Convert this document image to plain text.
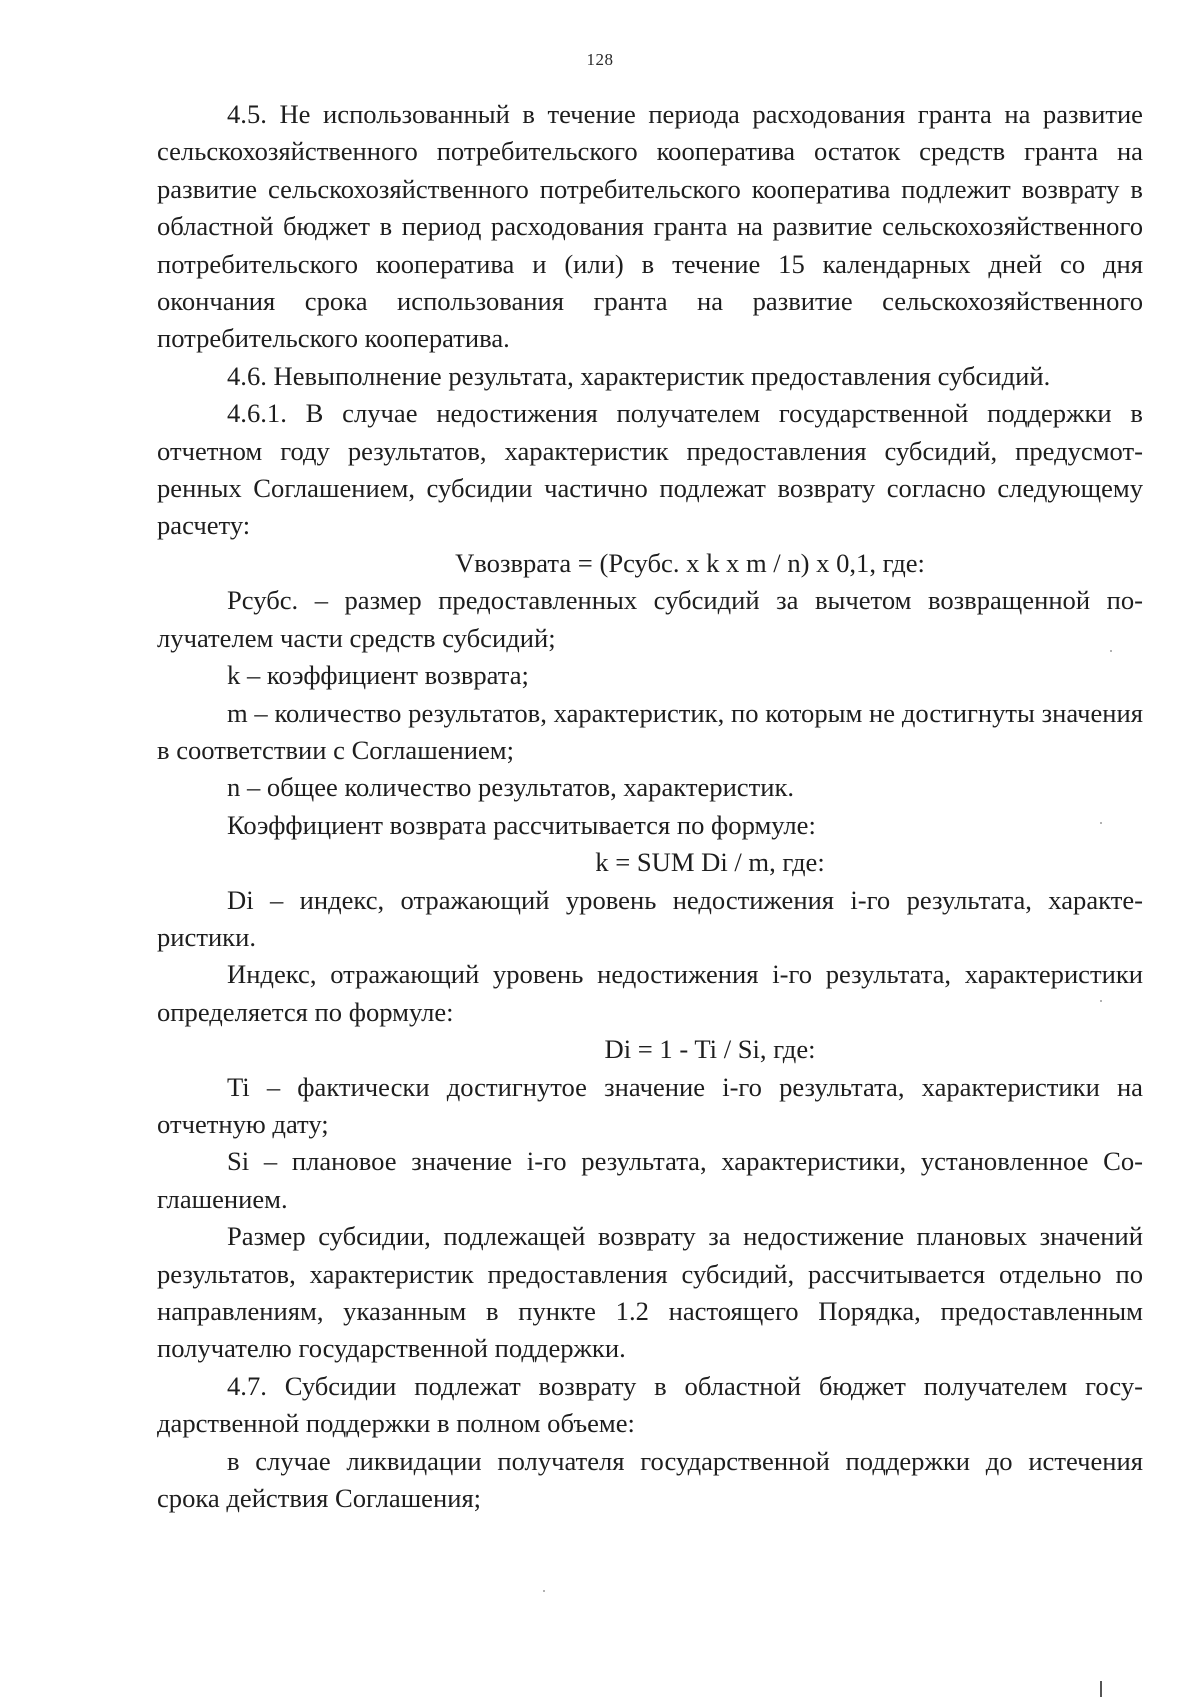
128

4.5. Не использованный в течение периода расходования гранта на развитие сельскохозяйственного потребительского кооператива остаток средств гранта на развитие сельскохозяйственного потребительского кооператива подлежит возврату в областной бюджет в период расходования гранта на развитие сельскохозяйственного потребительского кооператива и (или) в течение 15 календарных дней со дня окончания срока использования гранта на развитие сельскохозяйственного потребительского кооператива.

4.6. Невыполнение результата, характеристик предоставления субсидий.

4.6.1. В случае недостижения получателем государственной поддержки в отчетном году результатов, характеристик предоставления субсидий, предусмотренных Соглашением, субсидии частично подлежат возврату согласно следующему расчету:

Vвозврата = (Рсубс. х k х m / n) х 0,1, где:

Рсубс. – размер предоставленных субсидий за вычетом возвращенной получателем части средств субсидий;

k – коэффициент возврата;

m – количество результатов, характеристик, по которым не достигнуты значения в соответствии с Соглашением;

n – общее количество результатов, характеристик.

Коэффициент возврата рассчитывается по формуле:

k = SUM Di / m, где:

Di – индекс, отражающий уровень недостижения i-го результата, характеристики.

Индекс, отражающий уровень недостижения i-го результата, характеристики определяется по формуле:

Di = 1 - Ti / Si, где:

Ti – фактически достигнутое значение i-го результата, характеристики на отчетную дату;

Si – плановое значение i-го результата, характеристики, установленное Соглашением.

Размер субсидии, подлежащей возврату за недостижение плановых значений результатов, характеристик предоставления субсидий, рассчитывается отдельно по направлениям, указанным в пункте 1.2 настоящего Порядка, предоставленным получателю государственной поддержки.

4.7. Субсидии подлежат возврату в областной бюджет получателем государственной поддержки в полном объеме:

в случае ликвидации получателя государственной поддержки до истечения срока действия Соглашения;
